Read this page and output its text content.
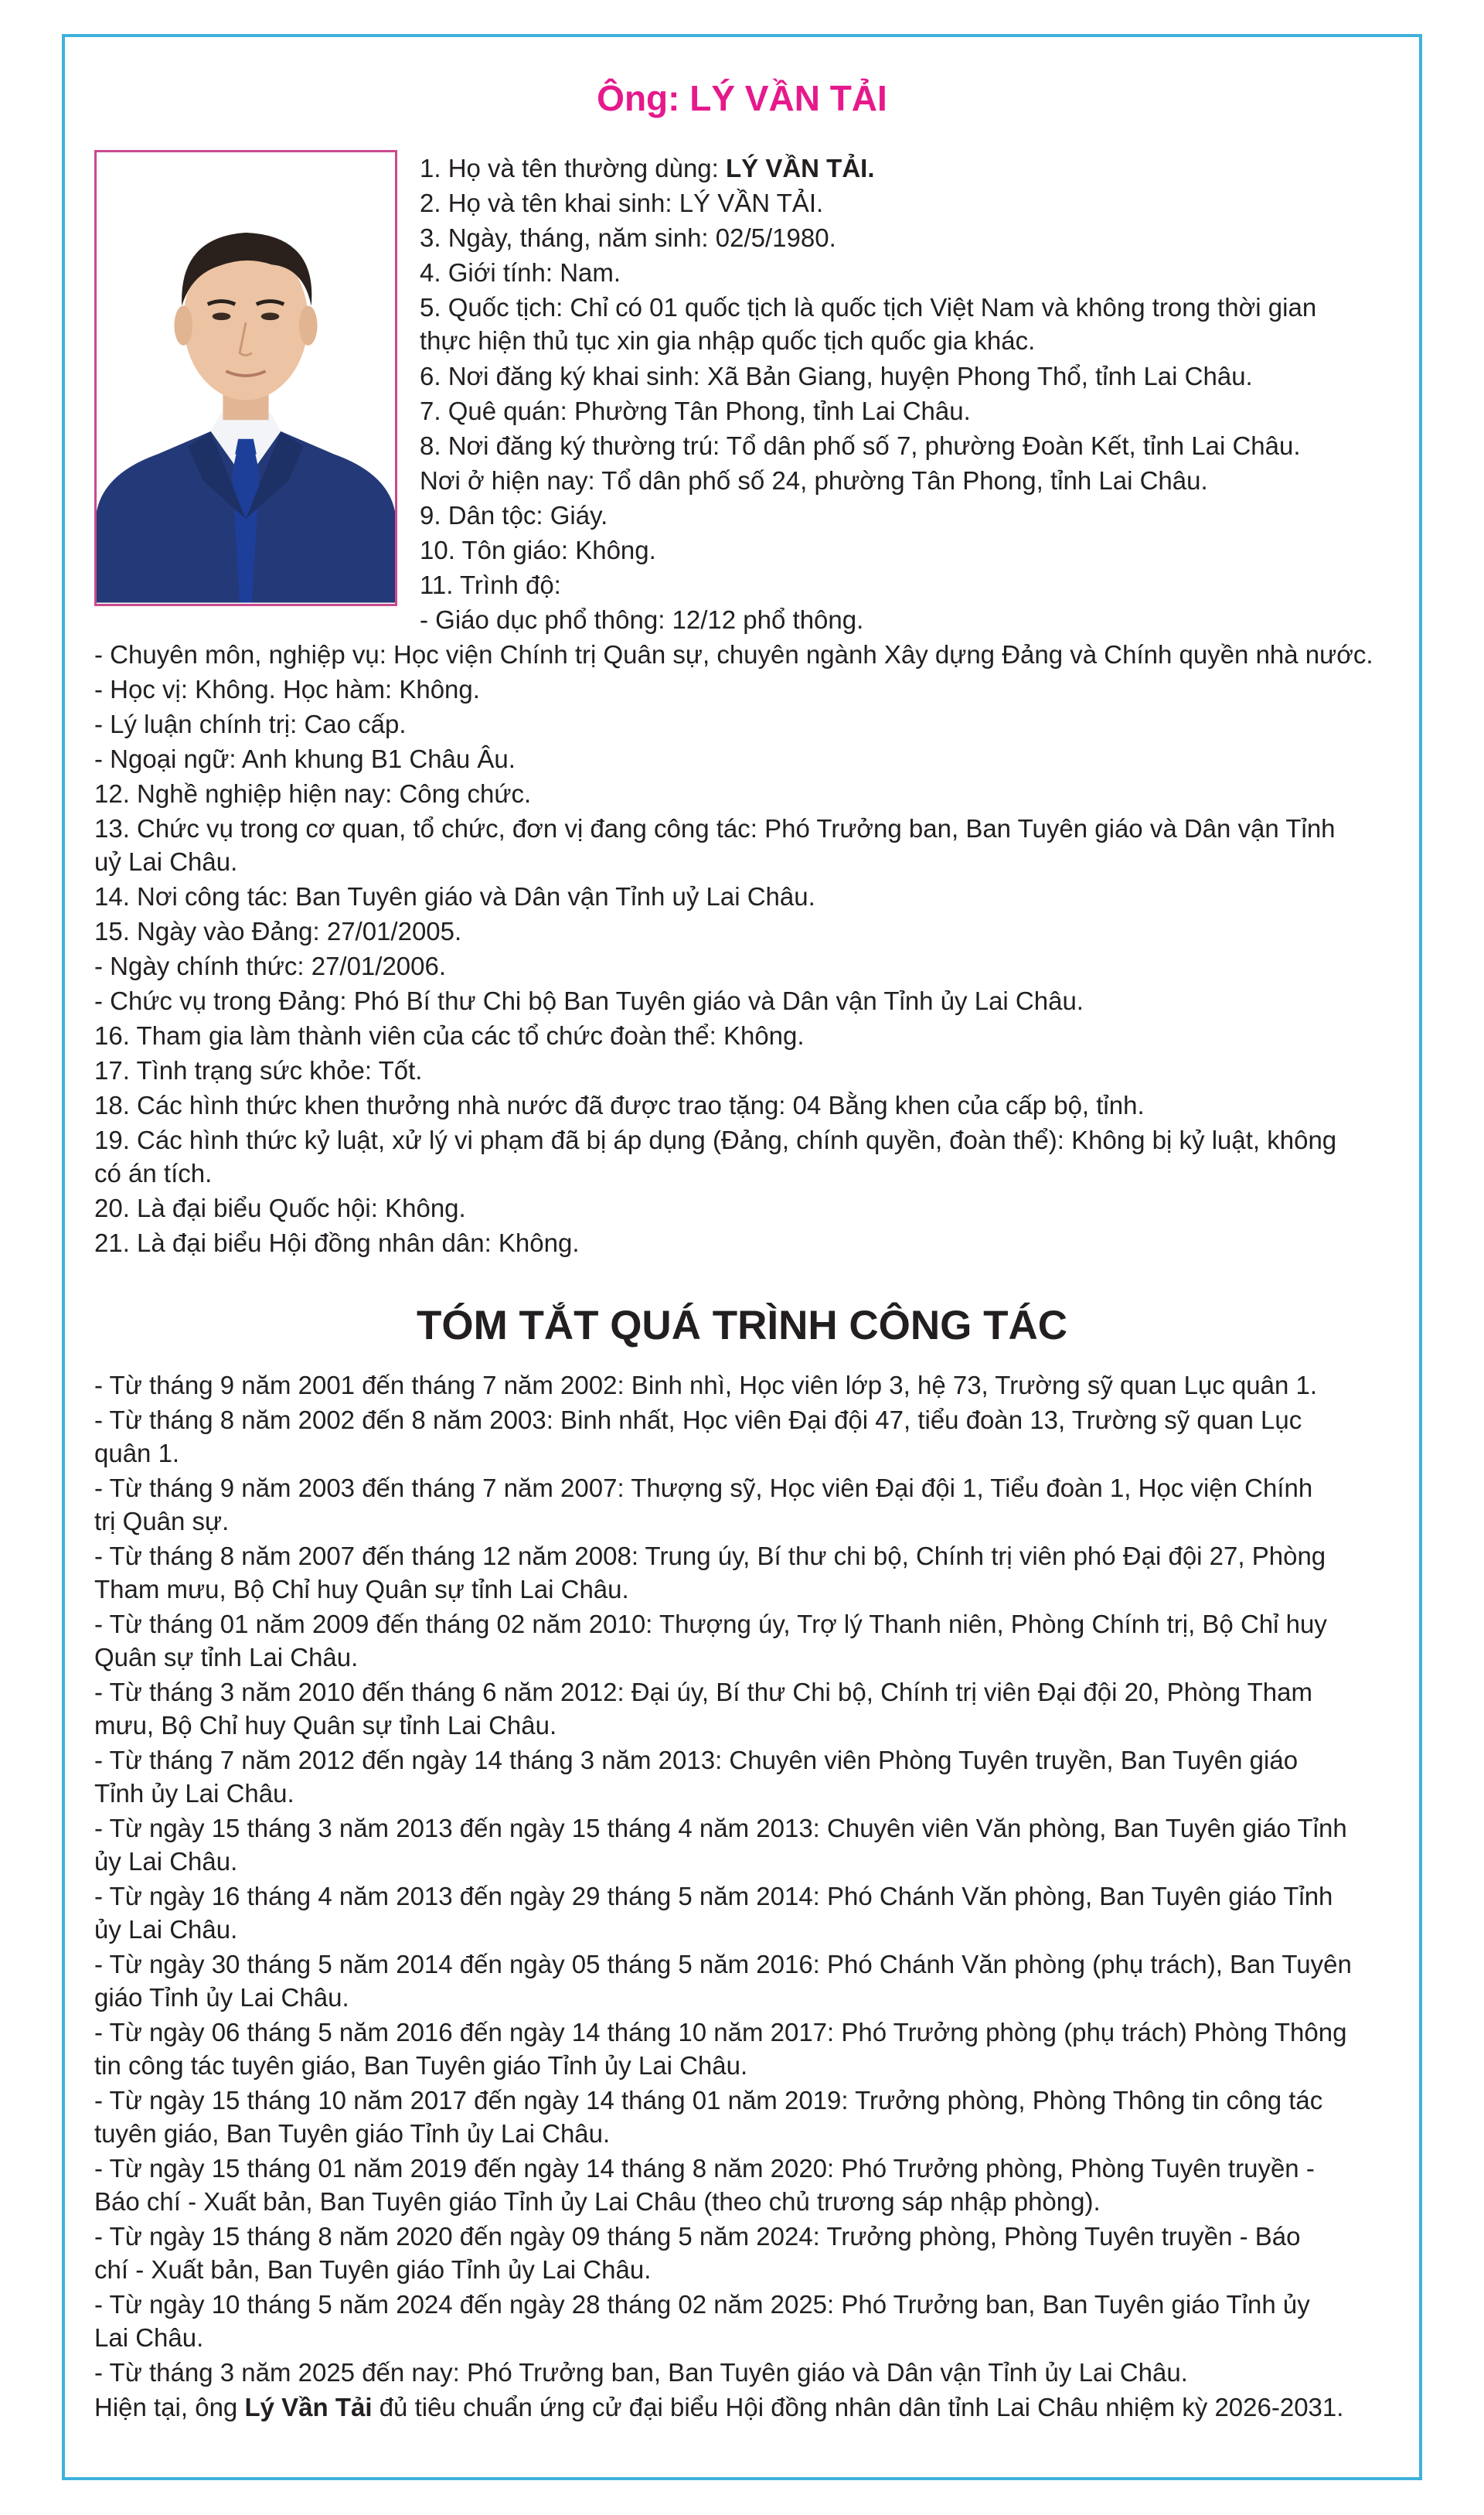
Ông: LÝ VẦN TẢI

1. Họ và tên thường dùng: LÝ VẦN TẢI.

2. Họ và tên khai sinh: LÝ VẦN TẢI.

3. Ngày, tháng, năm sinh: 02/5/1980.

4. Giới tính: Nam.

5. Quốc tịch: Chỉ có 01 quốc tịch là quốc tịch Việt Nam và không trong thời gian

thực hiện thủ tục xin gia nhập quốc tịch quốc gia khác.

6. Nơi đăng ký khai sinh: Xã Bản Giang, huyện Phong Thổ, tỉnh Lai Châu.

7. Quê quán: Phường Tân Phong, tỉnh Lai Châu.

8. Nơi đăng ký thường trú: Tổ dân phố số 7, phường Đoàn Kết, tỉnh Lai Châu.

Nơi ở hiện nay: Tổ dân phố số 24, phường Tân Phong, tỉnh Lai Châu.

9. Dân tộc: Giáy.

10. Tôn giáo: Không.

11. Trình độ:

- Giáo dục phổ thông: 12/12 phổ thông.

- Chuyên môn, nghiệp vụ: Học viện Chính trị Quân sự, chuyên ngành Xây dựng Đảng và Chính quyền nhà nước.

- Học vị: Không. Học hàm: Không.

- Lý luận chính trị: Cao cấp.

- Ngoại ngữ: Anh khung B1 Châu Âu.

12. Nghề nghiệp hiện nay: Công chức.

13. Chức vụ trong cơ quan, tổ chức, đơn vị đang công tác: Phó Trưởng ban, Ban Tuyên giáo và Dân vận Tỉnh

uỷ Lai Châu.

14. Nơi công tác: Ban Tuyên giáo và Dân vận Tỉnh uỷ Lai Châu.

15. Ngày vào Đảng: 27/01/2005.

- Ngày chính thức: 27/01/2006.

- Chức vụ trong Đảng: Phó Bí thư Chi bộ Ban Tuyên giáo và Dân vận Tỉnh ủy Lai Châu.

16. Tham gia làm thành viên của các tổ chức đoàn thể: Không.

17. Tình trạng sức khỏe: Tốt.

18. Các hình thức khen thưởng nhà nước đã được trao tặng: 04 Bằng khen của cấp bộ, tỉnh.

19. Các hình thức kỷ luật, xử lý vi phạm đã bị áp dụng (Đảng, chính quyền, đoàn thể): Không bị kỷ luật, không

có án tích.

20. Là đại biểu Quốc hội: Không.

21. Là đại biểu Hội đồng nhân dân: Không.

TÓM TẮT QUÁ TRÌNH CÔNG TÁC

- Từ tháng 9 năm 2001 đến tháng 7 năm 2002: Binh nhì, Học viên lớp 3, hệ 73, Trường sỹ quan Lục quân 1.

- Từ tháng 8 năm 2002 đến 8 năm 2003: Binh nhất, Học viên Đại đội 47, tiểu đoàn 13, Trường sỹ quan Lục

quân 1.

- Từ tháng 9 năm 2003 đến tháng 7 năm 2007: Thượng sỹ, Học viên Đại đội 1, Tiểu đoàn 1, Học viện Chính

trị Quân sự.

- Từ tháng 8 năm 2007 đến tháng 12 năm 2008: Trung úy, Bí thư chi bộ, Chính trị viên phó Đại đội 27, Phòng

Tham mưu, Bộ Chỉ huy Quân sự tỉnh Lai Châu.

- Từ tháng 01 năm 2009 đến tháng 02 năm 2010: Thượng úy, Trợ lý Thanh niên, Phòng Chính trị, Bộ Chỉ huy

Quân sự tỉnh Lai Châu.

- Từ tháng 3 năm 2010 đến tháng 6 năm 2012: Đại úy, Bí thư Chi bộ, Chính trị viên Đại đội 20, Phòng Tham

mưu, Bộ Chỉ huy Quân sự tỉnh Lai Châu.

- Từ tháng 7 năm 2012 đến ngày 14 tháng 3 năm 2013: Chuyên viên Phòng Tuyên truyền, Ban Tuyên giáo

Tỉnh ủy Lai Châu.

- Từ ngày 15 tháng 3 năm 2013 đến ngày 15 tháng 4 năm 2013: Chuyên viên Văn phòng, Ban Tuyên giáo Tỉnh

ủy Lai Châu.

- Từ ngày 16 tháng 4 năm 2013 đến ngày 29 tháng 5 năm 2014: Phó Chánh Văn phòng, Ban Tuyên giáo Tỉnh

ủy Lai Châu.

- Từ ngày 30 tháng 5 năm 2014 đến ngày 05 tháng 5 năm 2016: Phó Chánh Văn phòng (phụ trách), Ban Tuyên

giáo Tỉnh ủy Lai Châu.

- Từ ngày 06 tháng 5 năm 2016 đến ngày 14 tháng 10 năm 2017: Phó Trưởng phòng (phụ trách) Phòng Thông

tin công tác tuyên giáo, Ban Tuyên giáo Tỉnh ủy Lai Châu.

- Từ ngày 15 tháng 10 năm 2017 đến ngày 14 tháng 01 năm 2019: Trưởng phòng, Phòng Thông tin công tác

tuyên giáo, Ban Tuyên giáo Tỉnh ủy Lai Châu.

- Từ ngày 15 tháng 01 năm 2019 đến ngày 14 tháng 8 năm 2020: Phó Trưởng phòng, Phòng Tuyên truyền -

Báo chí - Xuất bản, Ban Tuyên giáo Tỉnh ủy Lai Châu (theo chủ trương sáp nhập phòng).

- Từ ngày 15 tháng 8 năm 2020 đến ngày 09 tháng 5 năm 2024: Trưởng phòng, Phòng Tuyên truyền - Báo

chí - Xuất bản, Ban Tuyên giáo Tỉnh ủy Lai Châu.

- Từ ngày 10 tháng 5 năm 2024 đến ngày 28 tháng 02 năm 2025: Phó Trưởng ban, Ban Tuyên giáo Tỉnh ủy

Lai Châu.

- Từ tháng 3 năm 2025 đến nay: Phó Trưởng ban, Ban Tuyên giáo và Dân vận Tỉnh ủy Lai Châu.

Hiện tại, ông Lý Vần Tải đủ tiêu chuẩn ứng cử đại biểu Hội đồng nhân dân tỉnh Lai Châu nhiệm kỳ 2026-2031.
